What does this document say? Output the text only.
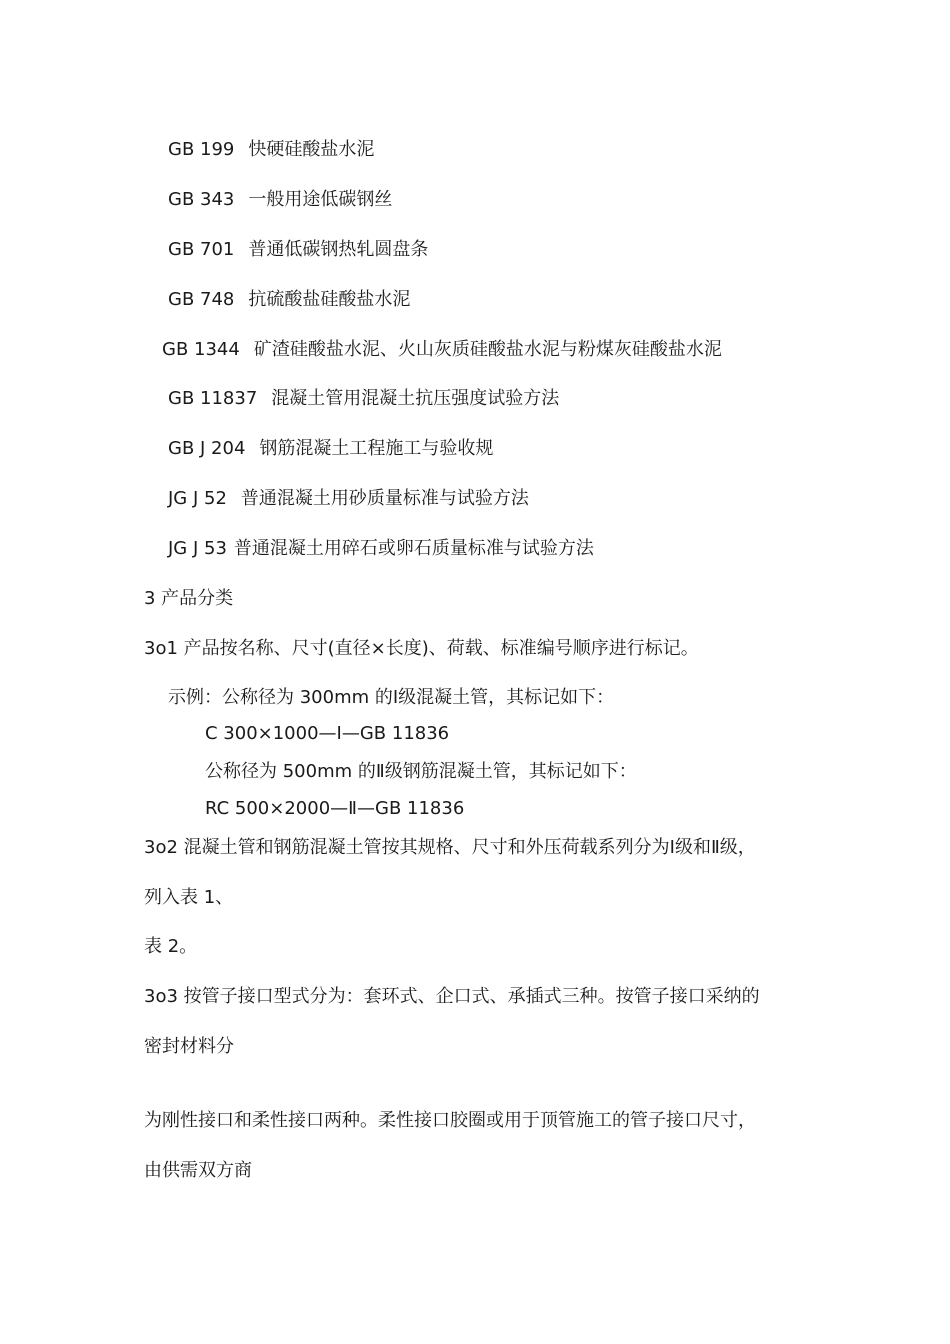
GB 199 快硬硅酸盐水泥
GB 343 一般用途低碳钢丝
GB 701 普通低碳钢热轧圆盘条
GB 748 抗硫酸盐硅酸盐水泥
GB 1344 矿渣硅酸盐水泥、火山灰质硅酸盐水泥与粉煤灰硅酸盐水泥
GB 11837 混凝土管用混凝土抗压强度试验方法
GB J 204 钢筋混凝土工程施工与验收规
JG J 52 普通混凝土用砂质量标准与试验方法
JG J 53 普通混凝土用碎石或卵石质量标准与试验方法
3 产品分类
3o1 产品按名称、尺寸(直径×长度)、荷载、标准编号顺序进行标记。
示例：公称径为 300mm 的Ⅰ级混凝土管，其标记如下：
C 300×1000—I—GB 11836
公称径为 500mm 的Ⅱ级钢筋混凝土管，其标记如下：
RC 500×2000—Ⅱ—GB 11836
3o2 混凝土管和钢筋混凝土管按其规格、尺寸和外压荷载系列分为Ⅰ级和Ⅱ级，
列入表 1、
表 2。
3o3 按管子接口型式分为：套环式、企口式、承插式三种。按管子接口采纳的
密封材料分
为刚性接口和柔性接口两种。柔性接口胶圈或用于顶管施工的管子接口尺寸，
由供需双方商
